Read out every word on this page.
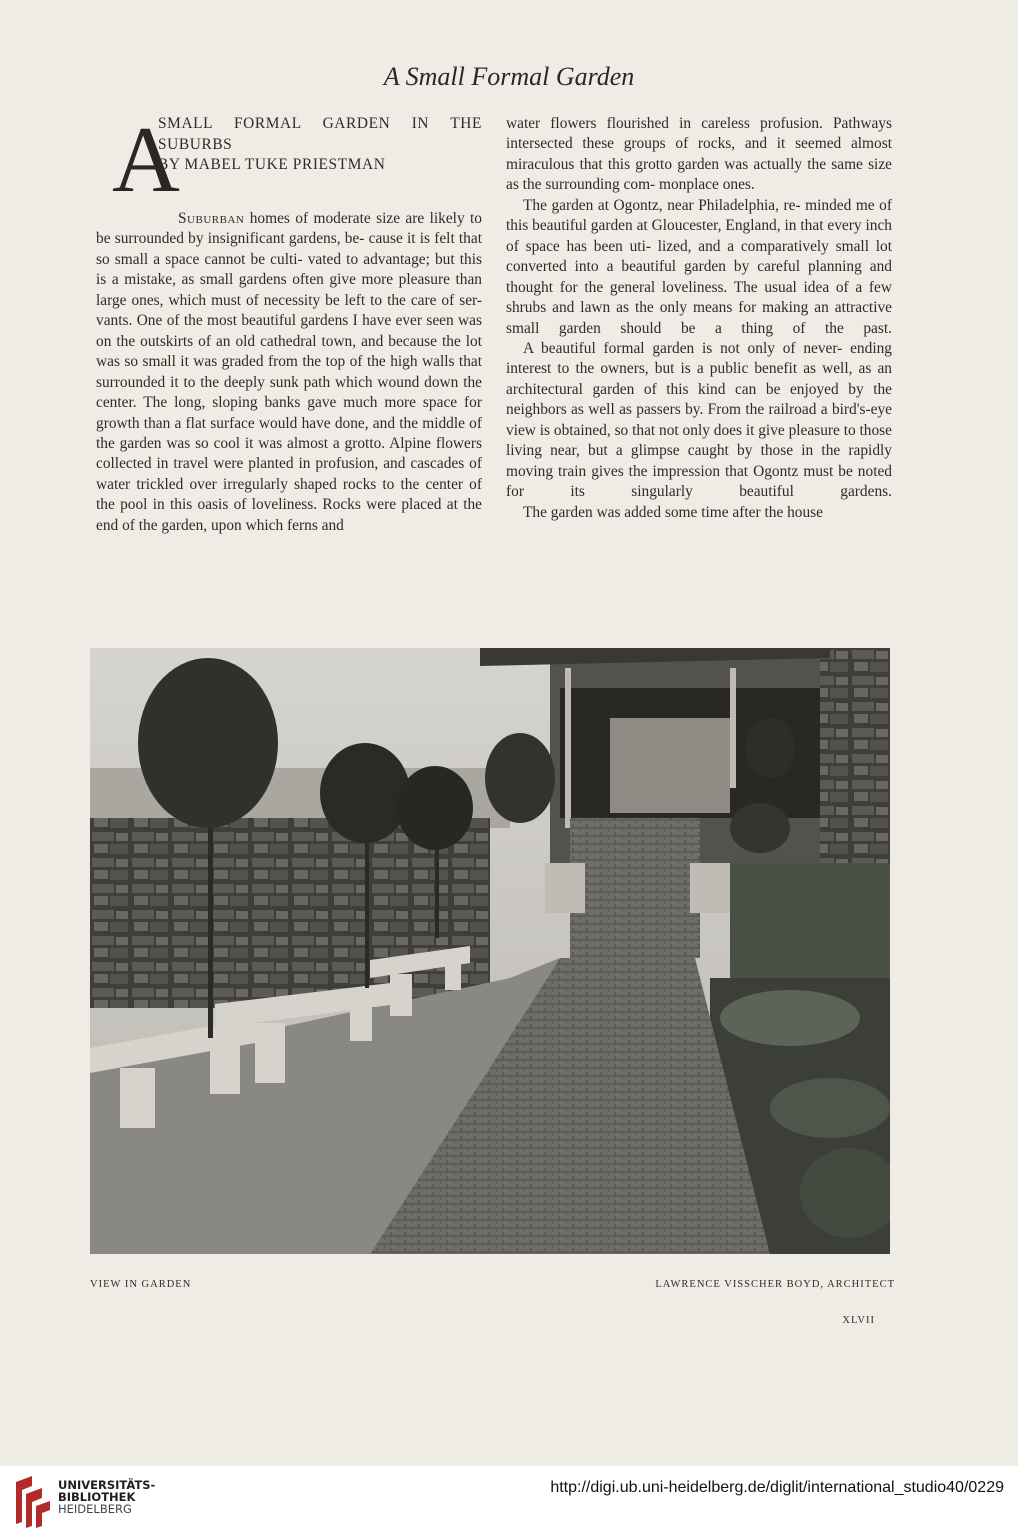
A Small Formal Garden
A
SMALL FORMAL GARDEN IN THE
SUBURBS
BY MABEL TUKE PRIESTMAN

Suburban homes of moderate size are likely to be surrounded by insignificant gardens, be- cause it is felt that so small a space cannot be culti- vated to advantage; but this is a mistake, as small gardens often give more pleasure than large ones, which must of necessity be left to the care of ser- vants. One of the most beautiful gardens I have ever seen was on the outskirts of an old cathedral town, and because the lot was so small it was graded from the top of the high walls that surrounded it to the deeply sunk path which wound down the center. The long, sloping banks gave much more space for growth than a flat surface would have done, and the middle of the garden was so cool it was almost a grotto. Alpine flowers collected in travel were planted in profusion, and cascades of water trickled over irregularly shaped rocks to the center of the pool in this oasis of loveliness. Rocks were placed at the end of the garden, upon which ferns and

water flowers flourished in careless profusion. Pathways intersected these groups of rocks, and it seemed almost miraculous that this grotto garden was actually the same size as the surrounding com- monplace ones.

The garden at Ogontz, near Philadelphia, re- minded me of this beautiful garden at Gloucester, England, in that every inch of space has been uti- lized, and a comparatively small lot converted into a beautiful garden by careful planning and thought for the general loveliness. The usual idea of a few shrubs and lawn as the only means for making an attractive small garden should be a thing of the past.

A beautiful formal garden is not only of never- ending interest to the owners, but is a public benefit as well, as an architectural garden of this kind can be enjoyed by the neighbors as well as passers by. From the railroad a bird's-eye view is obtained, so that not only does it give pleasure to those living near, but a glimpse caught by those in the rapidly moving train gives the impression that Ogontz must be noted for its singularly beautiful gardens.

The garden was added some time after the house

VIEW IN GARDEN	LAWRENCE VISSCHER BOYD, ARCHITECT
XLVII
UNIVERSITÄTS-
BIBLIOTHEK
HEIDELBERG
http://digi.ub.uni-heidelberg.de/diglit/international_studio40/0229
